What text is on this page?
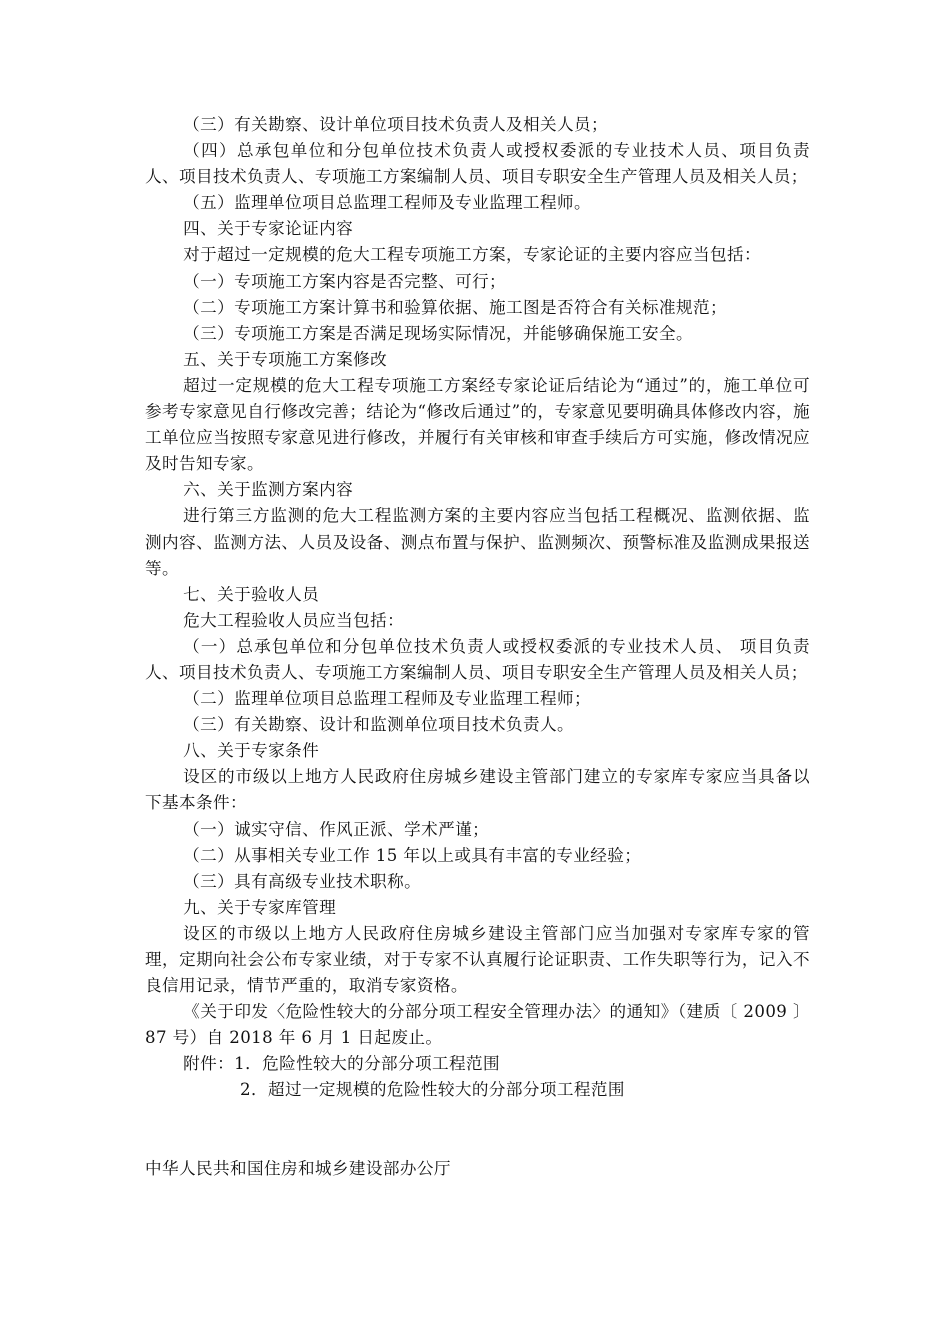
（三）有关勘察、设计单位项目技术负责人及相关人员；

（四）总承包单位和分包单位技术负责人或授权委派的专业技术人员、项目负责人、项目技术负责人、专项施工方案编制人员、项目专职安全生产管理人员及相关人员；

（五）监理单位项目总监理工程师及专业监理工程师。

四、关于专家论证内容

对于超过一定规模的危大工程专项施工方案，专家论证的主要内容应当包括：

（一）专项施工方案内容是否完整、可行；

（二）专项施工方案计算书和验算依据、施工图是否符合有关标准规范；

（三）专项施工方案是否满足现场实际情况，并能够确保施工安全。

五、关于专项施工方案修改

超过一定规模的危大工程专项施工方案经专家论证后结论为“通过”的，施工单位可参考专家意见自行修改完善；结论为“修改后通过”的，专家意见要明确具体修改内容，施工单位应当按照专家意见进行修改，并履行有关审核和审查手续后方可实施，修改情况应及时告知专家。

六、关于监测方案内容

进行第三方监测的危大工程监测方案的主要内容应当包括工程概况、监测依据、监测内容、监测方法、人员及设备、测点布置与保护、监测频次、预警标准及监测成果报送等。

七、关于验收人员

危大工程验收人员应当包括：

（一）总承包单位和分包单位技术负责人或授权委派的专业技术人员、 项目负责人、项目技术负责人、专项施工方案编制人员、项目专职安全生产管理人员及相关人员；

（二）监理单位项目总监理工程师及专业监理工程师；

（三）有关勘察、设计和监测单位项目技术负责人。

八、关于专家条件

设区的市级以上地方人民政府住房城乡建设主管部门建立的专家库专家应当具备以下基本条件：

（一）诚实守信、作风正派、学术严谨；

（二）从事相关专业工作 15 年以上或具有丰富的专业经验；

（三）具有高级专业技术职称。

九、关于专家库管理

设区的市级以上地方人民政府住房城乡建设主管部门应当加强对专家库专家的管理，定期向社会公布专家业绩，对于专家不认真履行论证职责、工作失职等行为，记入不良信用记录，情节严重的，取消专家资格。

《关于印发〈危险性较大的分部分项工程安全管理办法〉的通知》（建质〔 2009 〕87 号）自 2018 年 6 月 1 日起废止。

附件：1．危险性较大的分部分项工程范围

2．超过一定规模的危险性较大的分部分项工程范围

中华人民共和国住房和城乡建设部办公厅
